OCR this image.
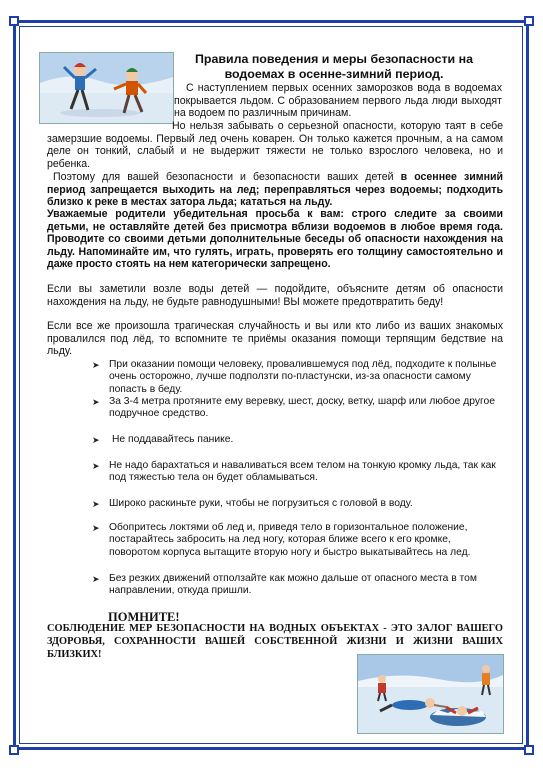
Правила поведения и меры безопасности на водоемах в осенне-зимний период.

С наступлением первых осенних заморозков вода в водоемах покрывается льдом. С образованием первого льда люди выходят на водоем по различным причинам.

Но нельзя забывать о серьезной опасности, которую таят в себе замерзшие водоемы. Первый лед очень коварен. Он только кажется прочным, а на самом деле он тонкий, слабый и не выдержит тяжести не только взрослого человека, но и ребенка.

Поэтому для вашей безопасности и безопасности ваших детей в осеннее зимний период запрещается выходить на лед; переправляться через водоемы; подходить близко к реке в местах затора льда; кататься на льду.

Уважаемые родители убедительная просьба к вам: строго следите за своими детьми, не оставляйте детей без присмотра вблизи водоемов в любое время года. Проводите со своими детьми дополнительные беседы об опасности нахождения на льду. Напоминайте им, что гулять, играть, проверять его толщину самостоятельно и даже просто стоять на нем категорически запрещено.

Если вы заметили возле воды детей — подойдите, объясните детям об опасности нахождения на льду, не будьте равнодушными! ВЫ можете предотвратить беду!

Если все же произошла трагическая случайность и вы или кто либо из ваших знакомых провалился под лёд, то вспомните те приёмы оказания помощи терпящим бедствие на льду.

➤ При оказании помощи человеку, провалившемуся под лёд, подходите к полынье очень осторожно, лучше подползти по-пластунски, из-за опасности самому попасть в беду.
➤ За 3-4 метра протяните ему веревку, шест, доску, ветку, шарф или любое другое подручное средство.
➤ Не поддавайтесь панике.
➤ Не надо барахтаться и наваливаться всем телом на тонкую кромку льда, так как под тяжестью тела он будет обламываться.
➤ Широко раскиньте руки, чтобы не погрузиться с головой в воду.
➤ Обопритесь локтями об лед и, приведя тело в горизонтальное положение, постарайтесь забросить на лед ногу, которая ближе всего к его кромке, поворотом корпуса вытащите вторую ногу и быстро выкатывайтесь на лед.
➤ Без резких движений отползайте как можно дальше от опасного места в том направлении, откуда пришли.
ПОМНИТЕ!

СОБЛЮДЕНИЕ МЕР БЕЗОПАСНОСТИ НА ВОДНЫХ ОБЪЕКТАХ - ЭТО ЗАЛОГ ВАШЕГО ЗДОРОВЬЯ, СОХРАННОСТИ ВАШЕЙ СОБСТВЕННОЙ ЖИЗНИ И ЖИЗНИ ВАШИХ БЛИЗКИХ!
